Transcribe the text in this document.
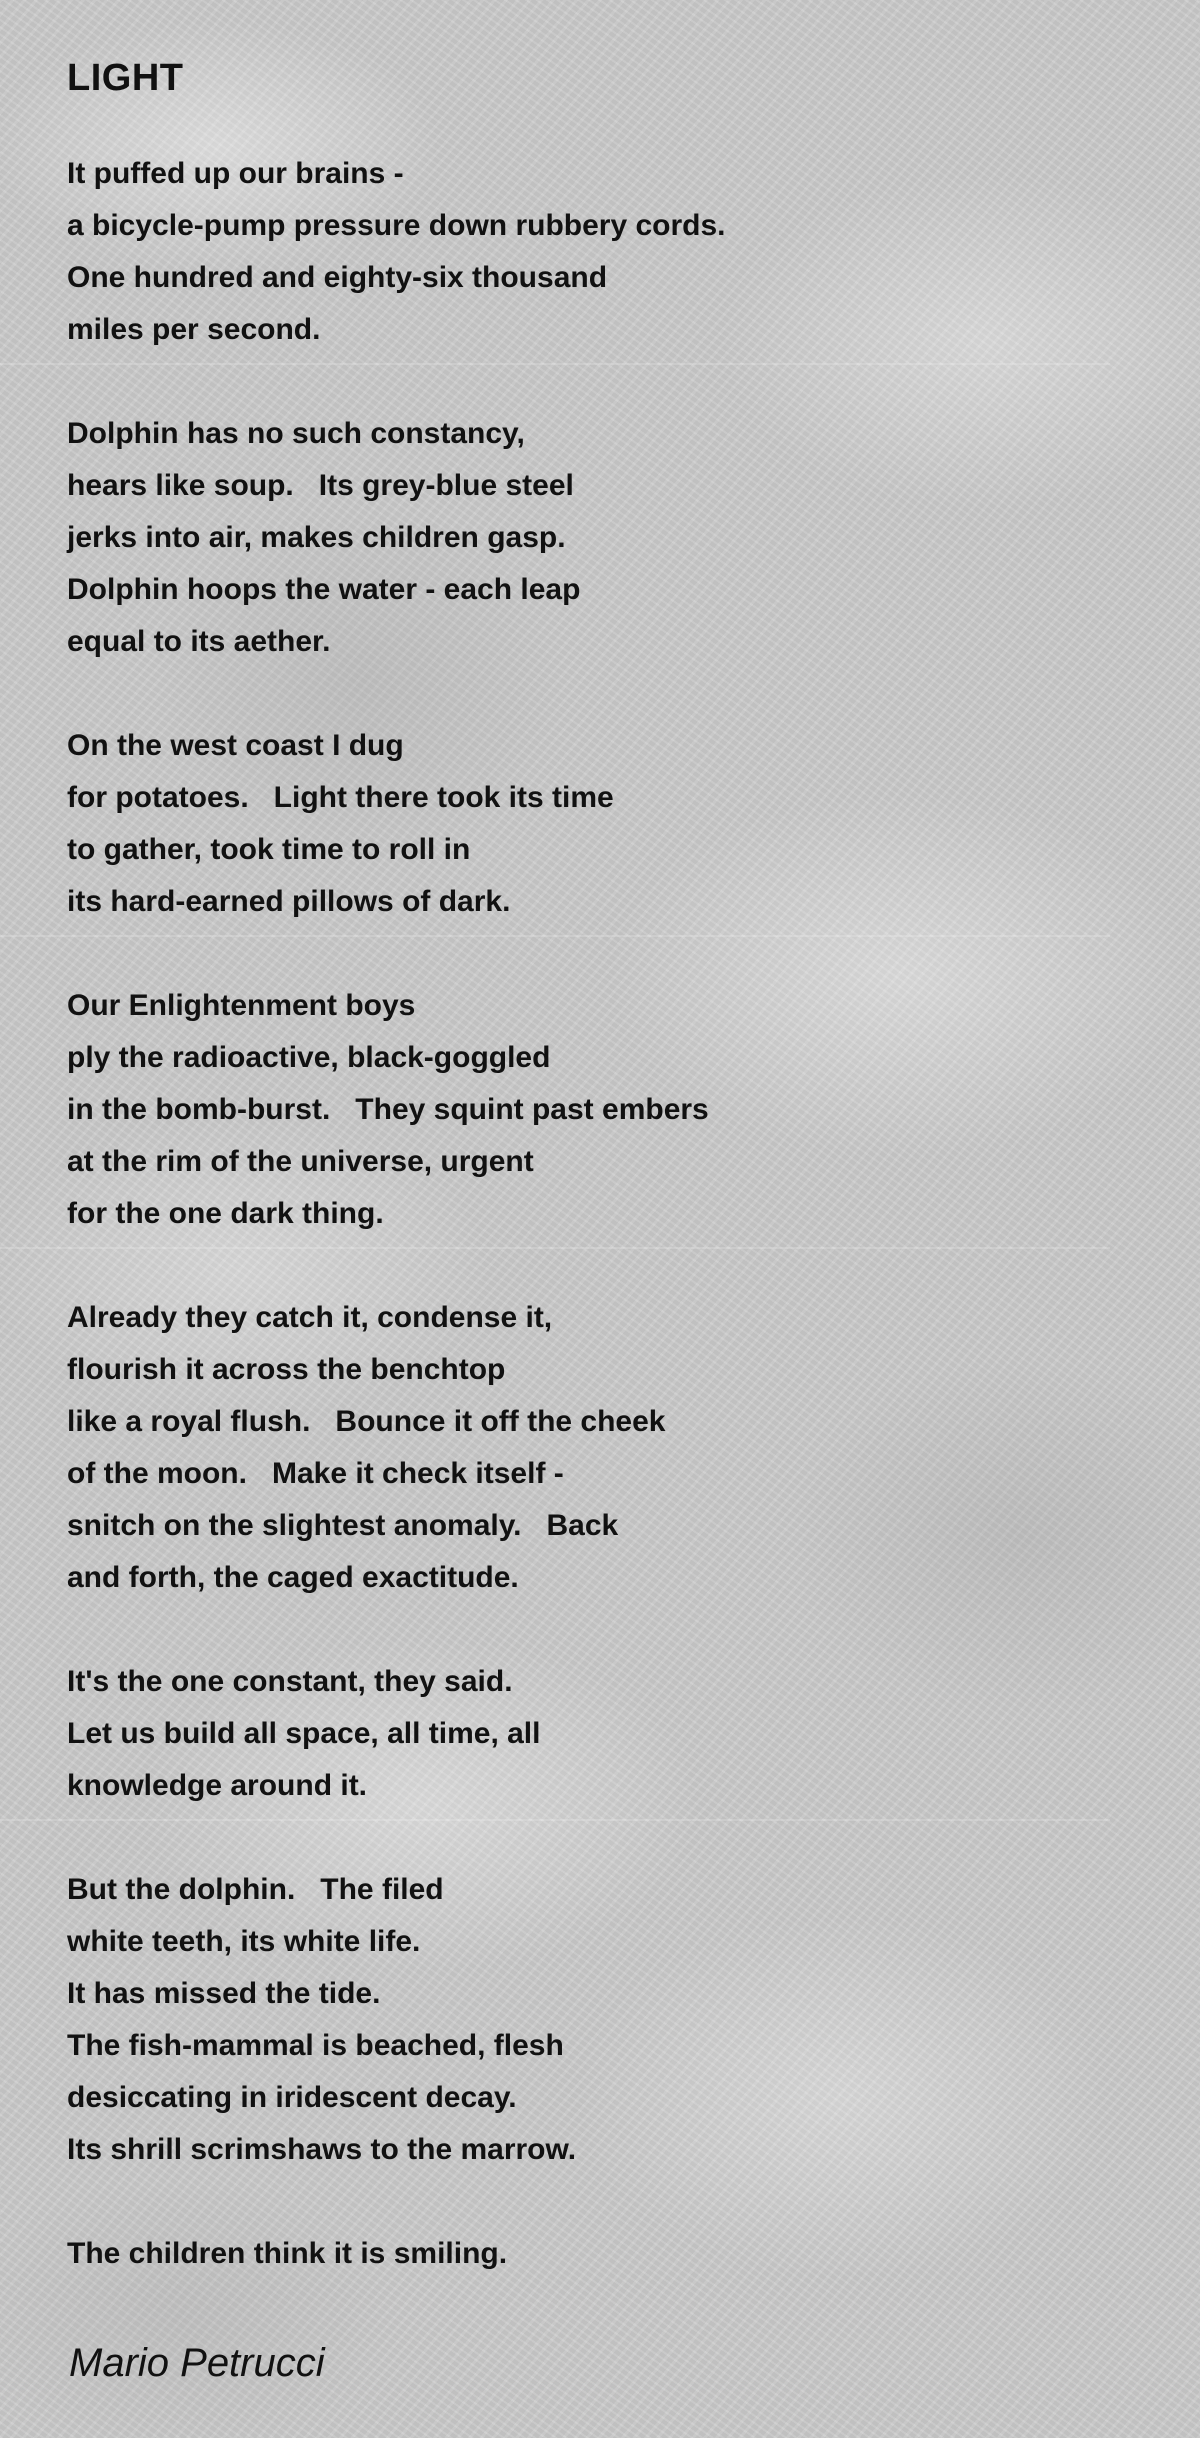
LIGHT
It puffed up our brains -
a bicycle-pump pressure down rubbery cords.
One hundred and eighty-six thousand
miles per second.
Dolphin has no such constancy,
hears like soup.   Its grey-blue steel
jerks into air, makes children gasp.
Dolphin hoops the water - each leap
equal to its aether.
On the west coast I dug
for potatoes.   Light there took its time
to gather, took time to roll in
its hard-earned pillows of dark.
Our Enlightenment boys
ply the radioactive, black-goggled
in the bomb-burst.   They squint past embers
at the rim of the universe, urgent
for the one dark thing.
Already they catch it, condense it,
flourish it across the benchtop
like a royal flush.   Bounce it off the cheek
of the moon.   Make it check itself -
snitch on the slightest anomaly.   Back
and forth, the caged exactitude.
It's the one constant, they said.
Let us build all space, all time, all
knowledge around it.
But the dolphin.   The filed
white teeth, its white life.
It has missed the tide.
The fish-mammal is beached, flesh
desiccating in iridescent decay.
Its shrill scrimshaws to the marrow.
The children think it is smiling.

Mario Petrucci
